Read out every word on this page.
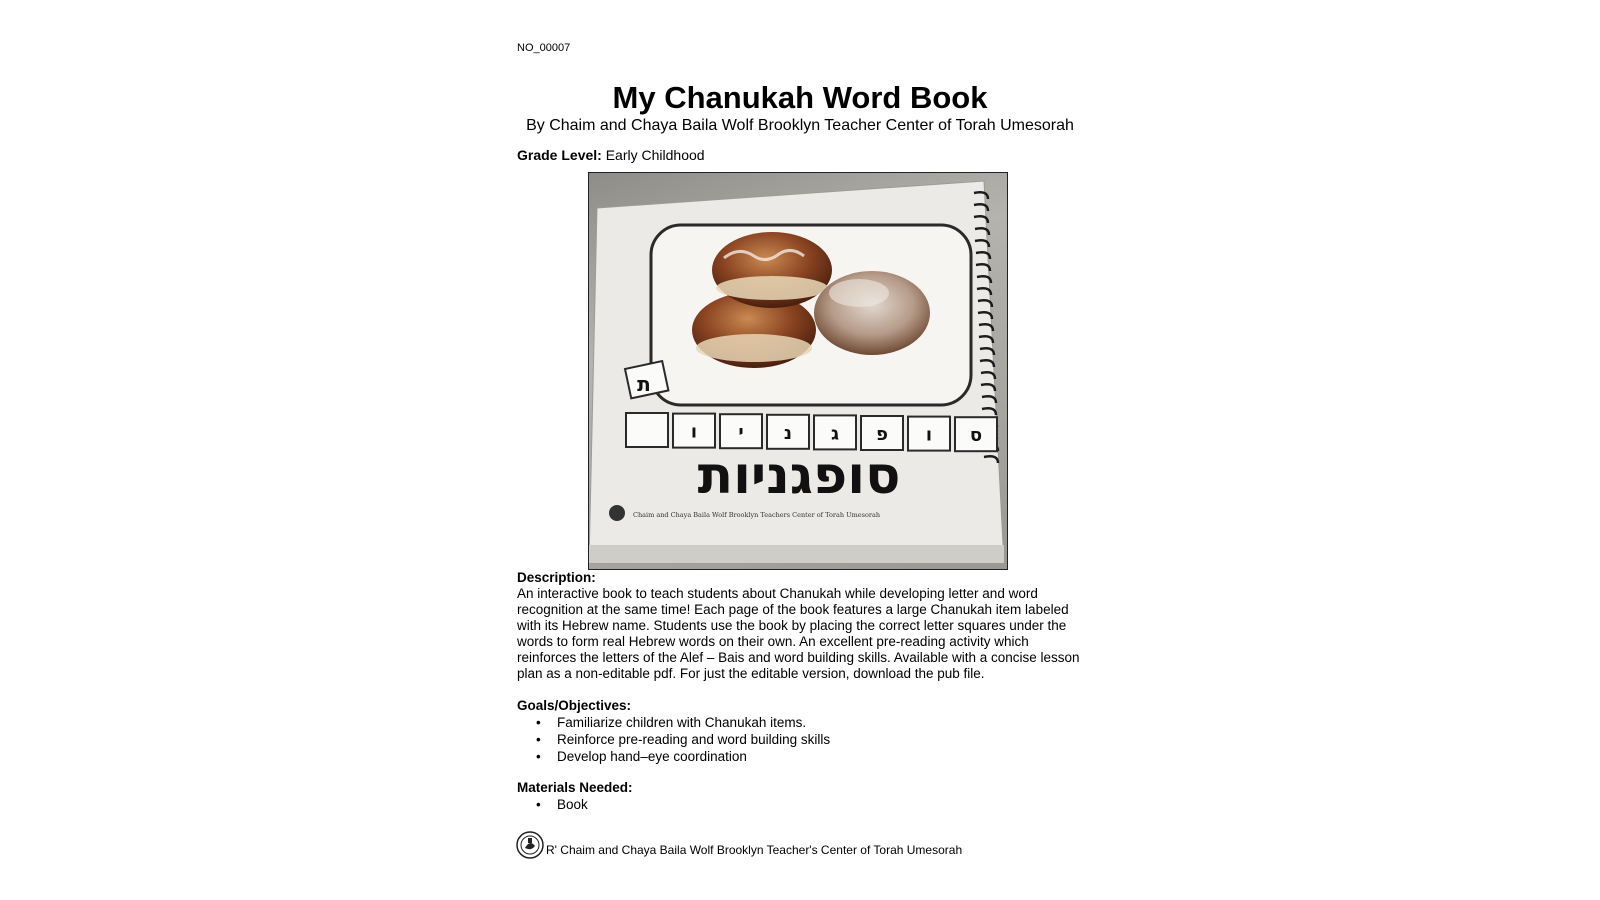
NO_00007
My Chanukah Word Book
By Chaim and Chaya Baila Wolf Brooklyn Teacher Center of Torah Umesorah
Grade Level: Early Childhood
ת
ס
ו
פ
ג
נ
י
ו
סופגניות
Chaim and Chaya Baila Wolf Brooklyn Teachers Center of Torah Umesorah
Description:
An interactive book to teach students about Chanukah while developing letter and word
recognition at the same time! Each page of the book features a large Chanukah item labeled
with its Hebrew name. Students use the book by placing the correct letter squares under the
words to form real Hebrew words on their own. An excellent pre-reading activity which
reinforces the letters of the Alef – Bais and word building skills. Available with a concise lesson
plan as a non-editable pdf. For just the editable version, download the pub file.
Goals/Objectives:
• Familiarize children with Chanukah items.
• Reinforce pre-reading and word building skills
• Develop hand–eye coordination
Materials Needed:
• Book
R' Chaim and Chaya Baila Wolf Brooklyn Teacher's Center of Torah Umesorah
